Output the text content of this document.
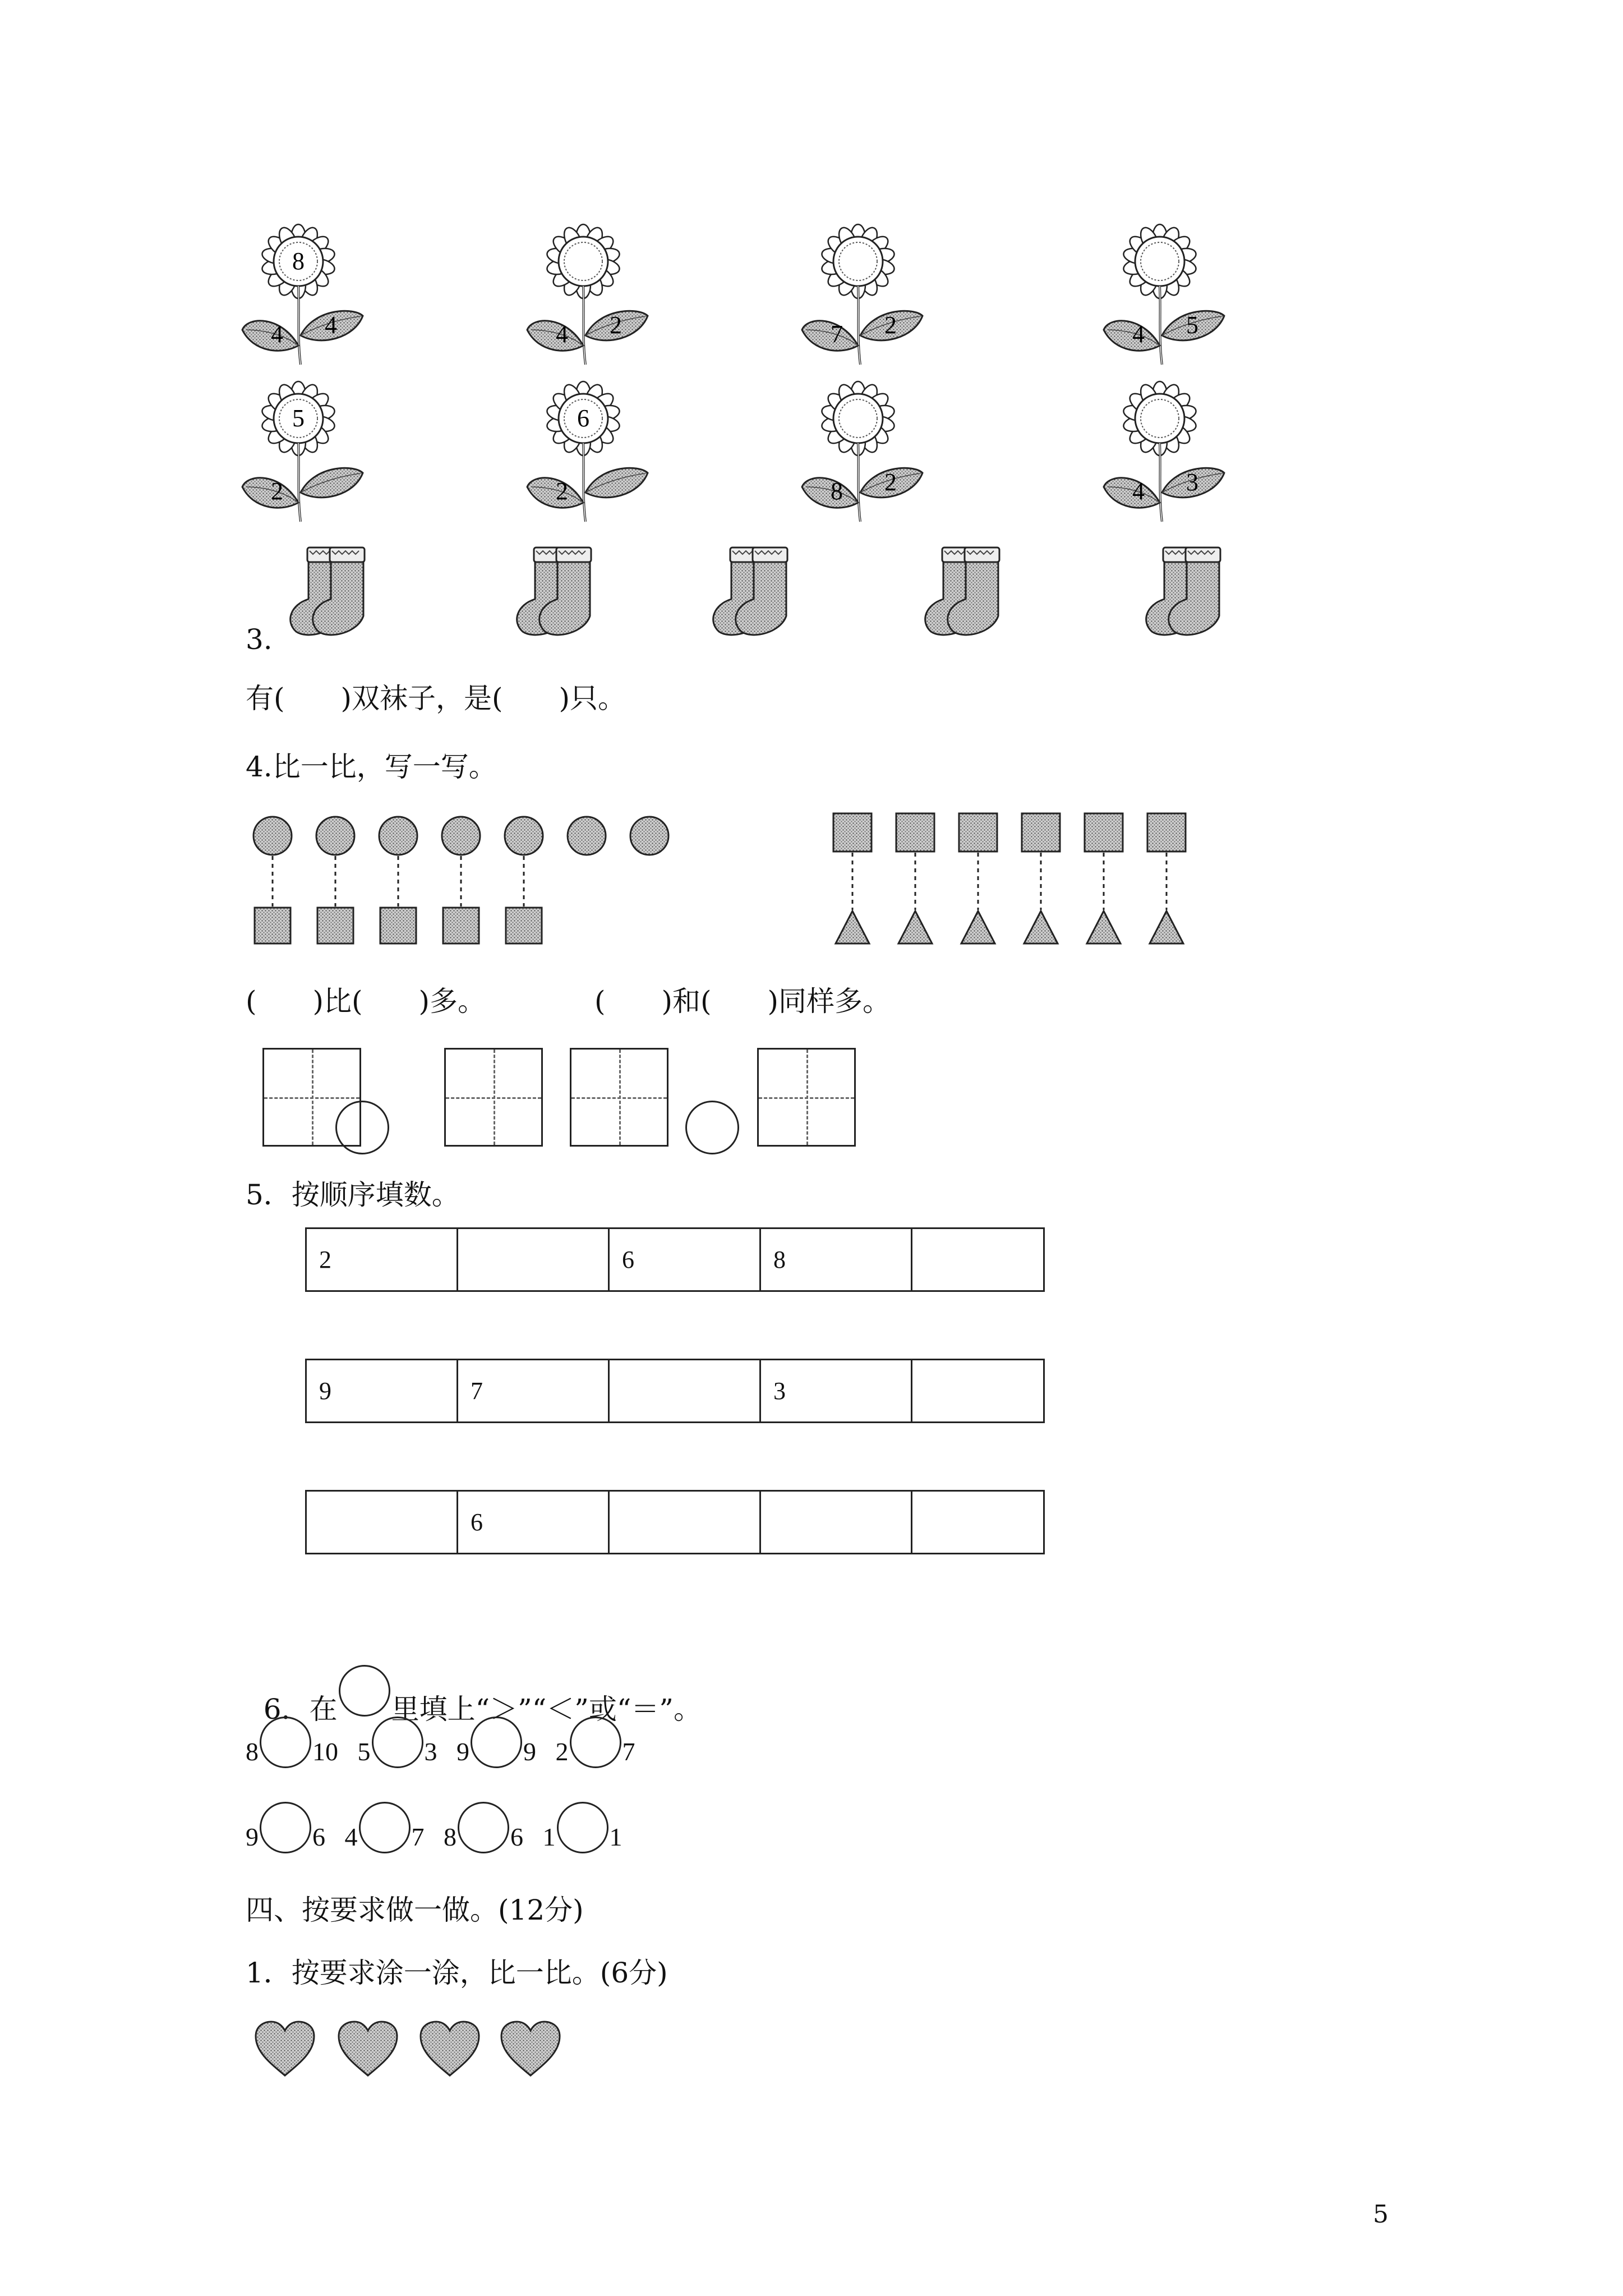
8
4 4	4 2	7 2	4 5
5
2
6
2	8 2	4 3
3.
有(　　)双袜子，是(　　)只。
4.比一比，写一写。
(　　)比(　　)多。	(　　)和(　　)同样多。
5．按顺序填数。
2		6	8	
9	7		3	
	6			

6．在 里填上“＞”“＜”或“＝”。

8 10 5 3 9 9 2 7
9 6 4 7 8 6 1 1
四、按要求做一做。(12分)
1．按要求涂一涂，比一比。(6分)
5
